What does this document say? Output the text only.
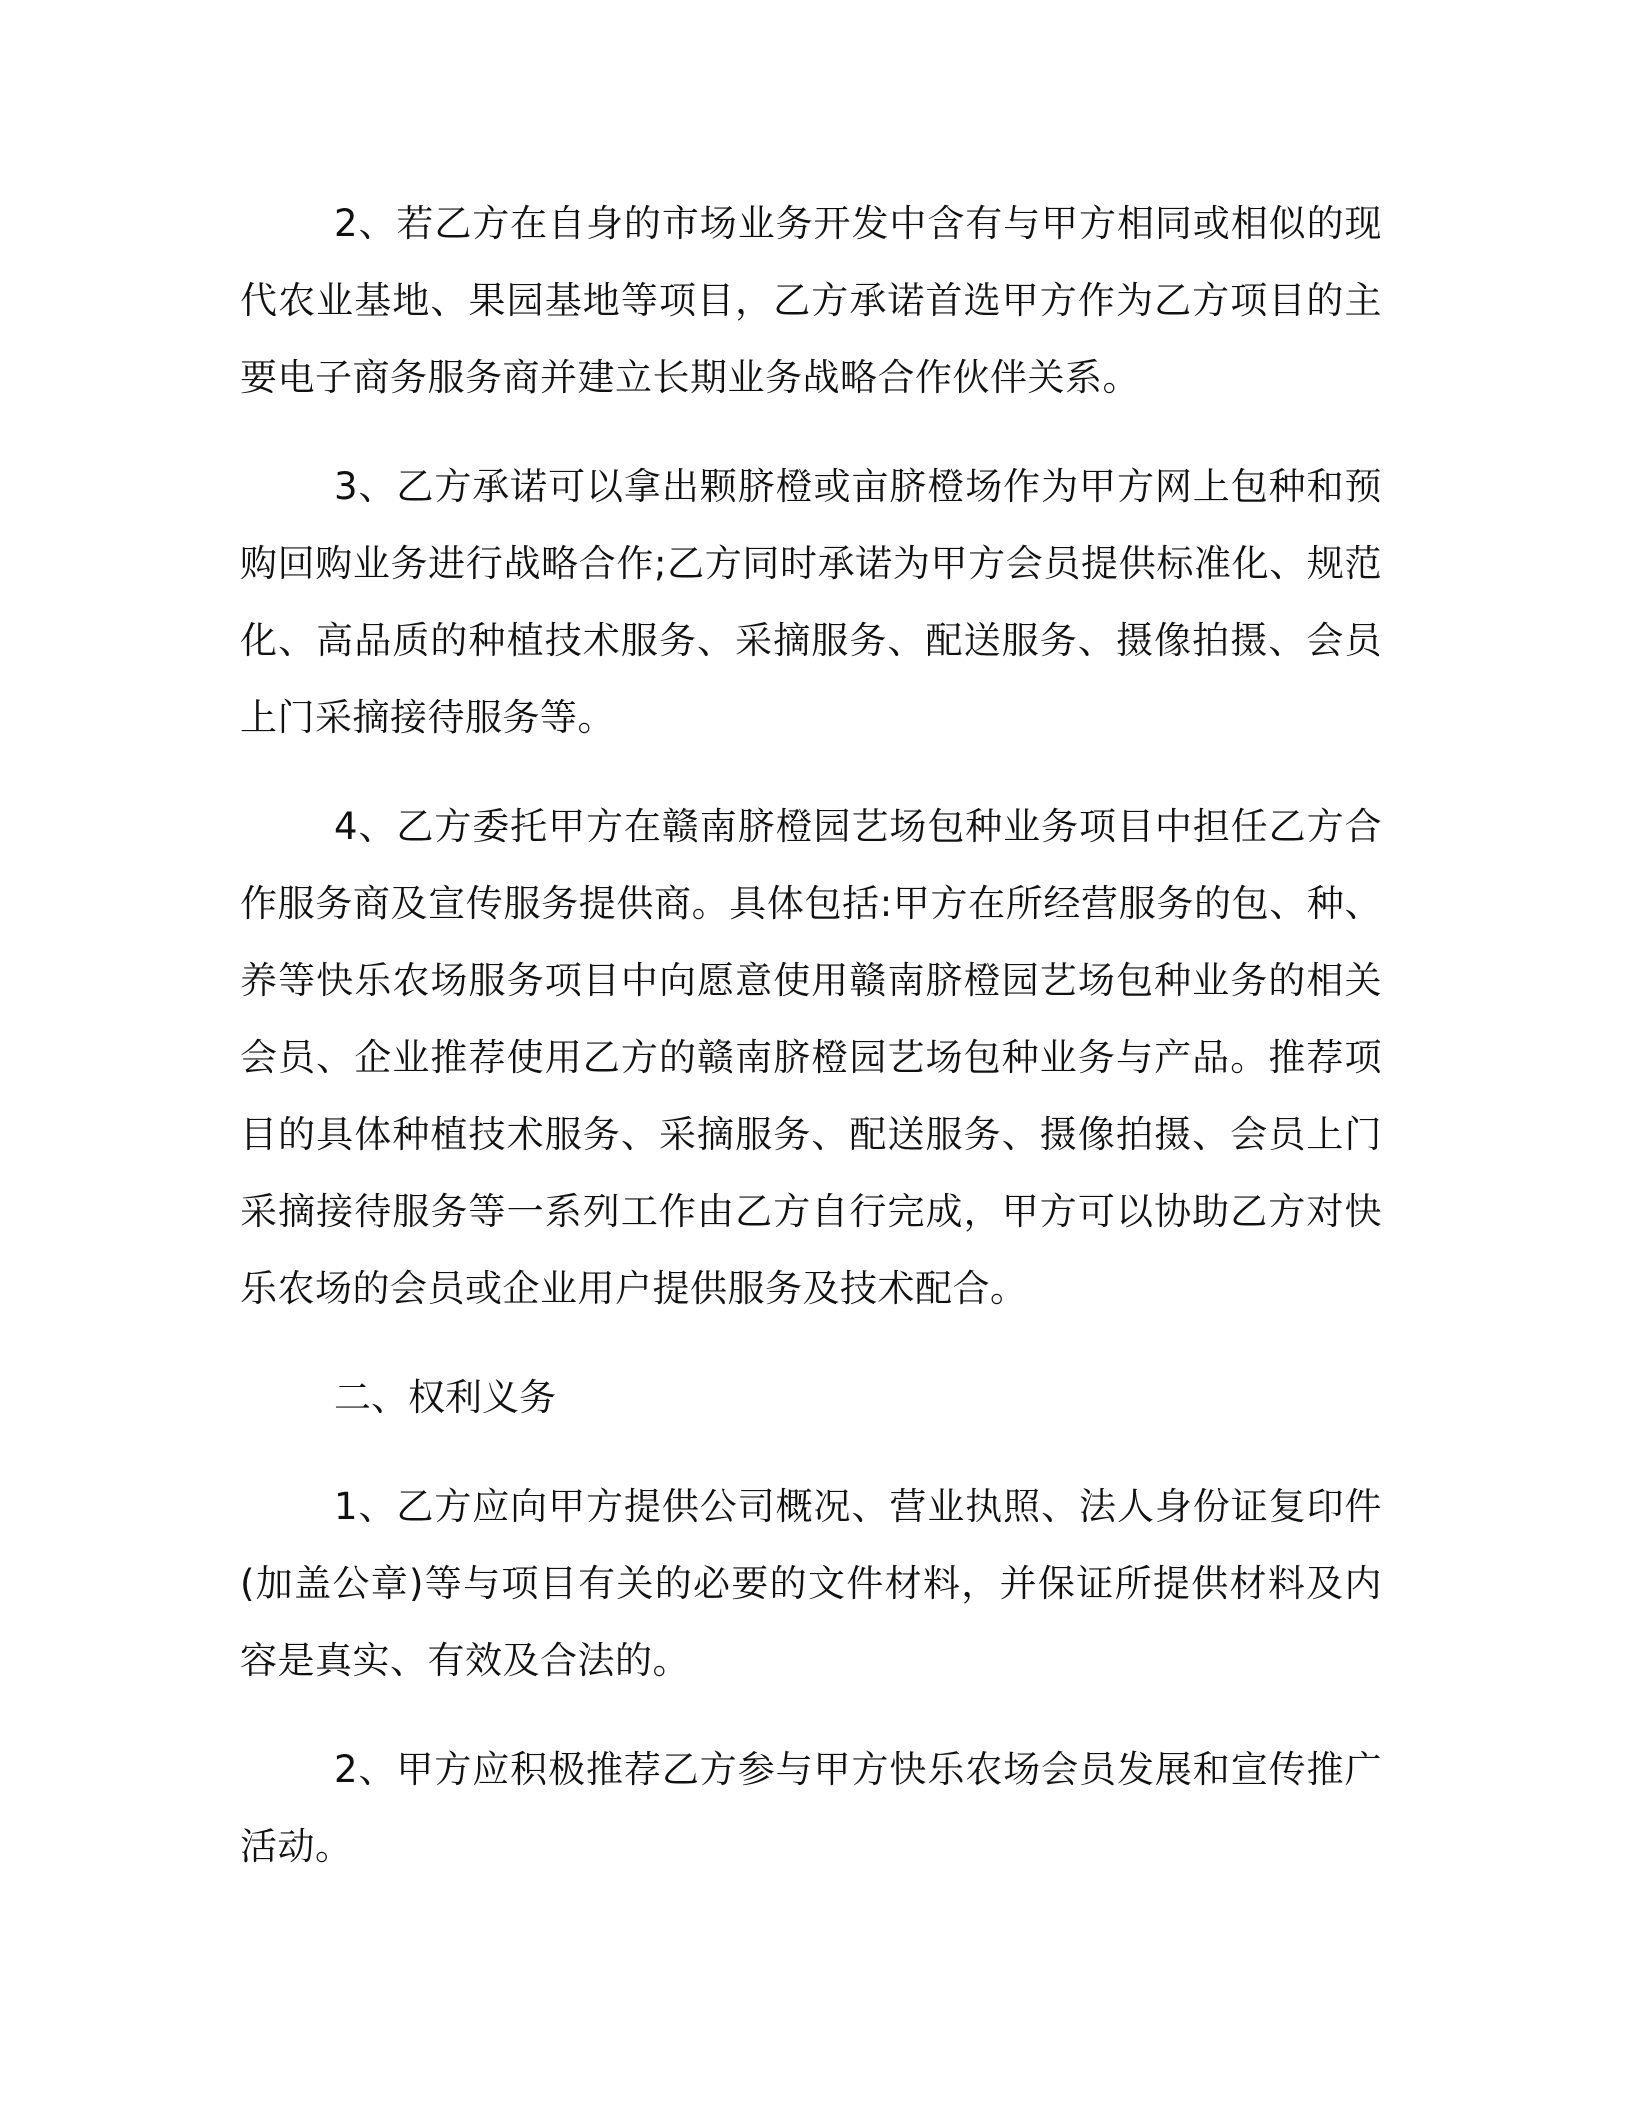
2、若乙方在自身的市场业务开发中含有与甲方相同或相似的现代农业基地、果园基地等项目，乙方承诺首选甲方作为乙方项目的主要电子商务服务商并建立长期业务战略合作伙伴关系。

3、乙方承诺可以拿出颗脐橙或亩脐橙场作为甲方网上包种和预购回购业务进行战略合作;乙方同时承诺为甲方会员提供标准化、规范化、高品质的种植技术服务、采摘服务、配送服务、摄像拍摄、会员上门采摘接待服务等。

4、乙方委托甲方在赣南脐橙园艺场包种业务项目中担任乙方合作服务商及宣传服务提供商。具体包括:甲方在所经营服务的包、种、养等快乐农场服务项目中向愿意使用赣南脐橙园艺场包种业务的相关会员、企业推荐使用乙方的赣南脐橙园艺场包种业务与产品。推荐项目的具体种植技术服务、采摘服务、配送服务、摄像拍摄、会员上门采摘接待服务等一系列工作由乙方自行完成，甲方可以协助乙方对快乐农场的会员或企业用户提供服务及技术配合。

二、权利义务

1、乙方应向甲方提供公司概况、营业执照、法人身份证复印件(加盖公章)等与项目有关的必要的文件材料，并保证所提供材料及内容是真实、有效及合法的。

2、甲方应积极推荐乙方参与甲方快乐农场会员发展和宣传推广活动。
